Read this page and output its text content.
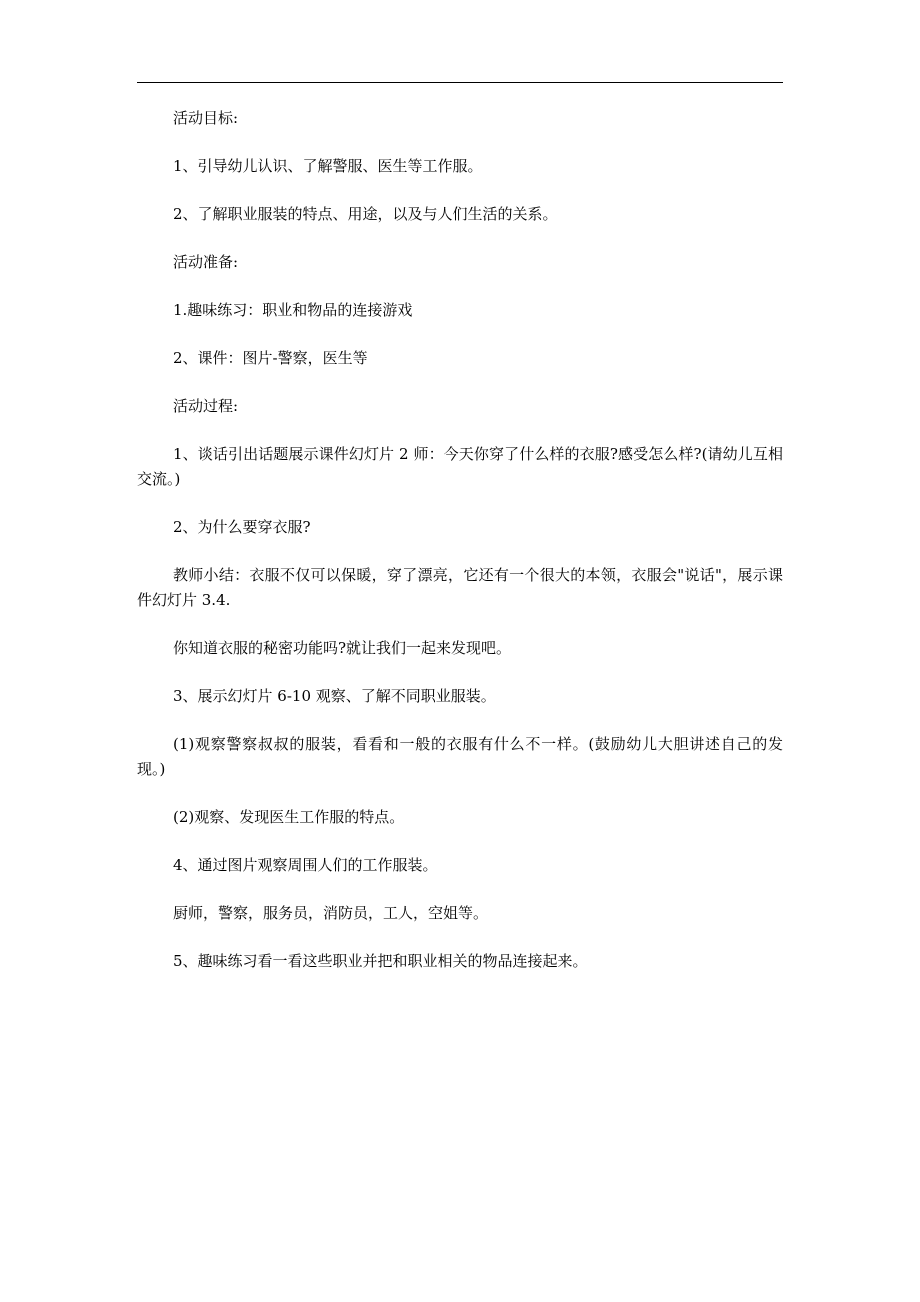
活动目标:

1、引导幼儿认识、了解警服、医生等工作服。

2、了解职业服装的特点、用途，以及与人们生活的关系。

活动准备:

1.趣味练习：职业和物品的连接游戏

2、课件：图片-警察，医生等

活动过程:

1、谈话引出话题展示课件幻灯片 2 师：今天你穿了什么样的衣服?感受怎么样?(请幼儿互相交流。)

2、为什么要穿衣服?

教师小结：衣服不仅可以保暖，穿了漂亮，它还有一个很大的本领，衣服会"说话"，展示课件幻灯片 3.4.

你知道衣服的秘密功能吗?就让我们一起来发现吧。

3、展示幻灯片 6-10 观察、了解不同职业服装。

(1)观察警察叔叔的服装，看看和一般的衣服有什么不一样。(鼓励幼儿大胆讲述自己的发现。)

(2)观察、发现医生工作服的特点。

4、通过图片观察周围人们的工作服装。

厨师，警察，服务员，消防员，工人，空姐等。

5、趣味练习看一看这些职业并把和职业相关的物品连接起来。
